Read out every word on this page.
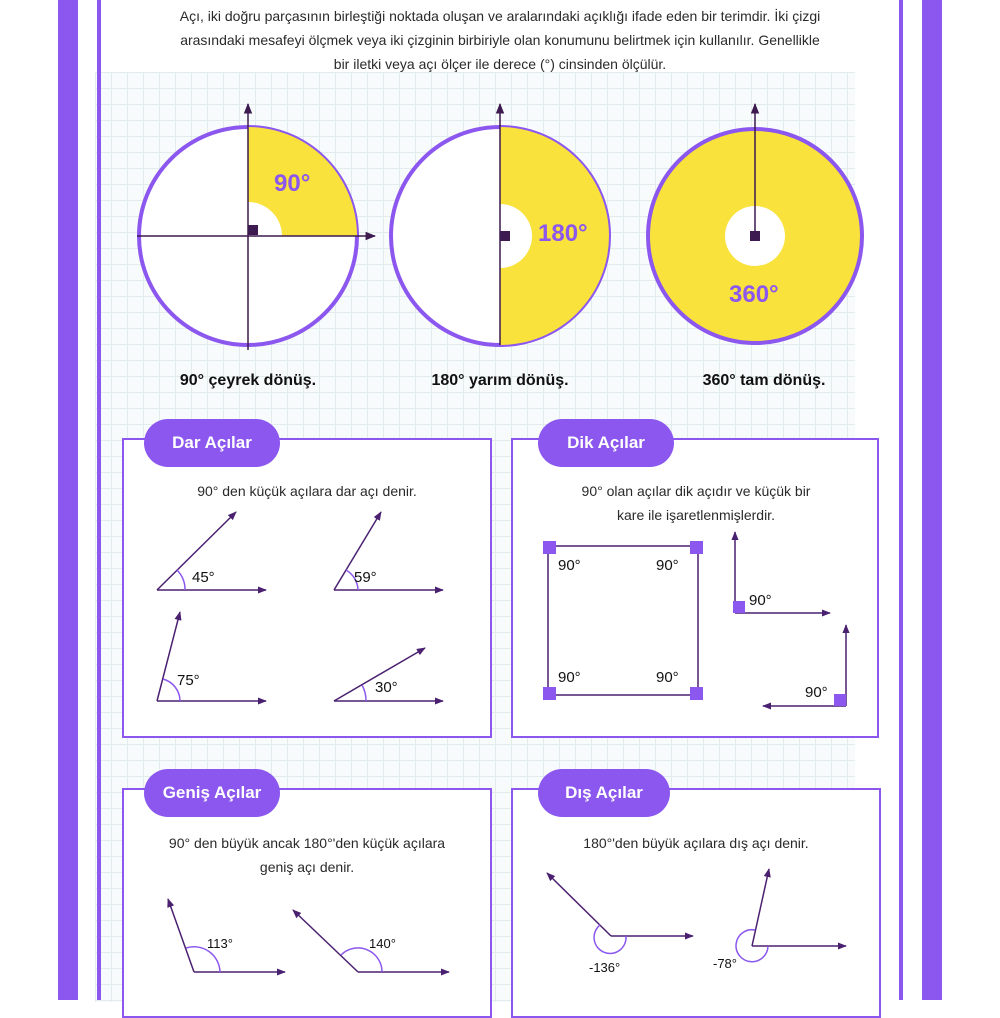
Açı, iki doğru parçasının birleştiği noktada oluşan ve aralarındaki açıklığı ifade eden bir terimdir. İki çizgi
arasındaki mesafeyi ölçmek veya iki çizginin birbiriyle olan konumunu belirtmek için kullanılır. Genellikle
bir iletki veya açı ölçer ile derece (°) cinsinden ölçülür.
90°
180°
360°
90° çeyrek dönüş.	180° yarım dönüş.	360° tam dönüş.
Dar Açılar	Dik Açılar
Geniş Açılar	Dış Açılar
90° den küçük açılara dar açı denir.	90° olan açılar dik açıdır ve küçük bir
kare ile işaretlenmişlerdir.
90° den büyük ancak 180°'den küçük açılara
geniş açı denir.
180°'den büyük açılara dış açı denir.
45°	59°
75°	30°
90°	90°
90°	90°
90°
90°
113°	140°
-136°	-78°
